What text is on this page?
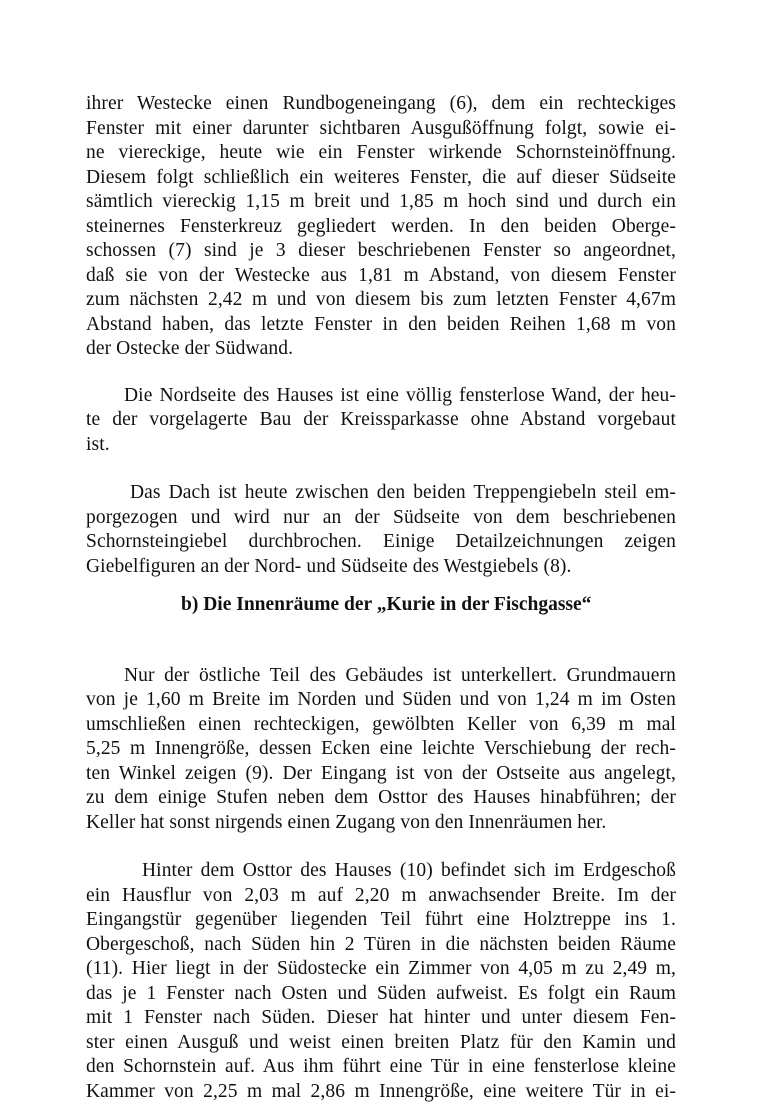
ihrer Westecke einen Rundbogeneingang (6), dem ein rechteckiges
Fenster mit einer darunter sichtbaren Ausgußöffnung folgt, sowie ei-
ne viereckige, heute wie ein Fenster wirkende Schornsteinöffnung.
Diesem folgt schließlich ein weiteres Fenster, die auf dieser Südseite
sämtlich viereckig 1,15 m breit und 1,85 m hoch sind und durch ein
steinernes Fensterkreuz gegliedert werden. In den beiden Oberge-
schossen (7) sind je 3 dieser beschriebenen Fenster so angeordnet,
daß sie von der Westecke aus 1,81 m Abstand, von diesem Fenster
zum nächsten 2,42 m und von diesem bis zum letzten Fenster 4,67m
Abstand haben, das letzte Fenster in den beiden Reihen 1,68 m von
der Ostecke der Südwand.
Die Nordseite des Hauses ist eine völlig fensterlose Wand, der heu-
te der vorgelagerte Bau der Kreissparkasse ohne Abstand vorgebaut
ist.
Das Dach ist heute zwischen den beiden Treppengiebeln steil em-
porgezogen und wird nur an der Südseite von dem beschriebenen
Schornsteingiebel durchbrochen. Einige Detailzeichnungen zeigen
Giebelfiguren an der Nord- und Südseite des Westgiebels (8).
b) Die Innenräume der „Kurie in der Fischgasse“
Nur der östliche Teil des Gebäudes ist unterkellert. Grundmauern
von je 1,60 m Breite im Norden und Süden und von 1,24 m im Osten
umschließen einen rechteckigen, gewölbten Keller von 6,39 m mal
5,25 m Innengröße, dessen Ecken eine leichte Verschiebung der rech-
ten Winkel zeigen (9). Der Eingang ist von der Ostseite aus angelegt,
zu dem einige Stufen neben dem Osttor des Hauses hinabführen; der
Keller hat sonst nirgends einen Zugang von den Innenräumen her.
Hinter dem Osttor des Hauses (10) befindet sich im Erdgeschoß
ein Hausflur von 2,03 m auf 2,20 m anwachsender Breite. Im der
Eingangstür gegenüber liegenden Teil führt eine Holztreppe ins 1.
Obergeschoß, nach Süden hin 2 Türen in die nächsten beiden Räume
(11). Hier liegt in der Südostecke ein Zimmer von 4,05 m zu 2,49 m,
das je 1 Fenster nach Osten und Süden aufweist. Es folgt ein Raum
mit 1 Fenster nach Süden. Dieser hat hinter und unter diesem Fen-
ster einen Ausguß und weist einen breiten Platz für den Kamin und
den Schornstein auf. Aus ihm führt eine Tür in eine fensterlose kleine
Kammer von 2,25 m mal 2,86 m Innengröße, eine weitere Tür in ei-
